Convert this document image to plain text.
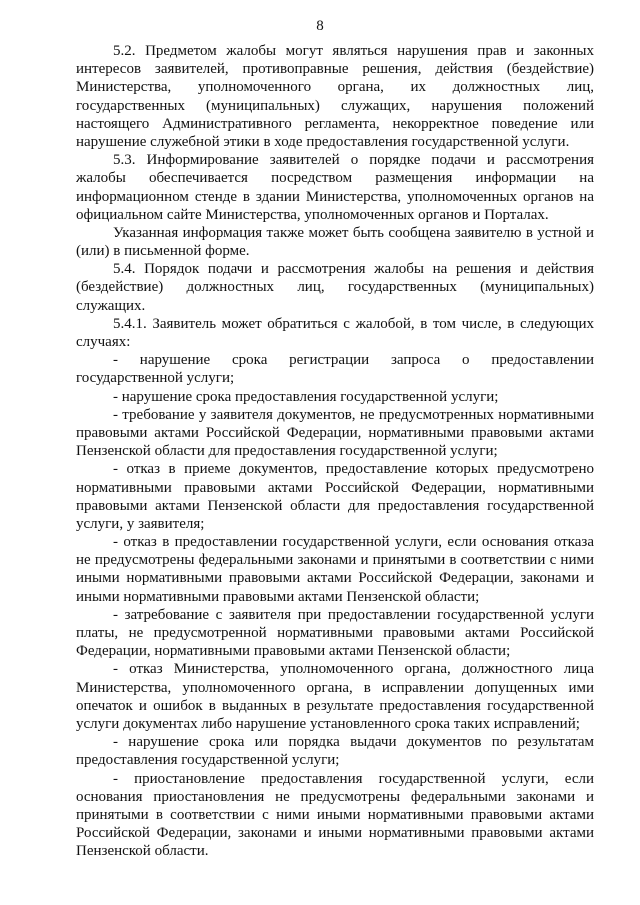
8
5.2. Предметом жалобы могут являться нарушения прав и законных
интересов заявителей, противоправные решения, действия (бездействие)
Министерства, уполномоченного органа, их должностных лиц,
государственных (муниципальных) служащих, нарушения положений
настоящего Административного регламента, некорректное поведение или
нарушение служебной этики в ходе предоставления государственной услуги.
5.3. Информирование заявителей о порядке подачи и рассмотрения
жалобы обеспечивается посредством размещения информации на
информационном стенде в здании Министерства, уполномоченных органов на
официальном сайте Министерства, уполномоченных органов и Порталах.
Указанная информация также может быть сообщена заявителю в устной и
(или) в письменной форме.
5.4. Порядок подачи и рассмотрения жалобы на решения и действия
(бездействие) должностных лиц, государственных (муниципальных)
служащих.
5.4.1. Заявитель может обратиться с жалобой, в том числе, в следующих
случаях:
- нарушение срока регистрации запроса о предоставлении
государственной услуги;
- нарушение срока предоставления государственной услуги;
- требование у заявителя документов, не предусмотренных нормативными
правовыми актами Российской Федерации, нормативными правовыми актами
Пензенской области для предоставления государственной услуги;
- отказ в приеме документов, предоставление которых предусмотрено
нормативными правовыми актами Российской Федерации, нормативными
правовыми актами Пензенской области для предоставления государственной
услуги, у заявителя;
- отказ в предоставлении государственной услуги, если основания отказа
не предусмотрены федеральными законами и принятыми в соответствии с ними
иными нормативными правовыми актами Российской Федерации, законами и
иными нормативными правовыми актами Пензенской области;
- затребование с заявителя при предоставлении государственной услуги
платы, не предусмотренной нормативными правовыми актами Российской
Федерации, нормативными правовыми актами Пензенской области;
- отказ Министерства, уполномоченного органа, должностного лица
Министерства, уполномоченного органа, в исправлении допущенных ими
опечаток и ошибок в выданных в результате предоставления государственной
услуги документах либо нарушение установленного срока таких исправлений;
- нарушение срока или порядка выдачи документов по результатам
предоставления государственной услуги;
- приостановление предоставления государственной услуги, если
основания приостановления не предусмотрены федеральными законами и
принятыми в соответствии с ними иными нормативными правовыми актами
Российской Федерации, законами и иными нормативными правовыми актами
Пензенской области.
